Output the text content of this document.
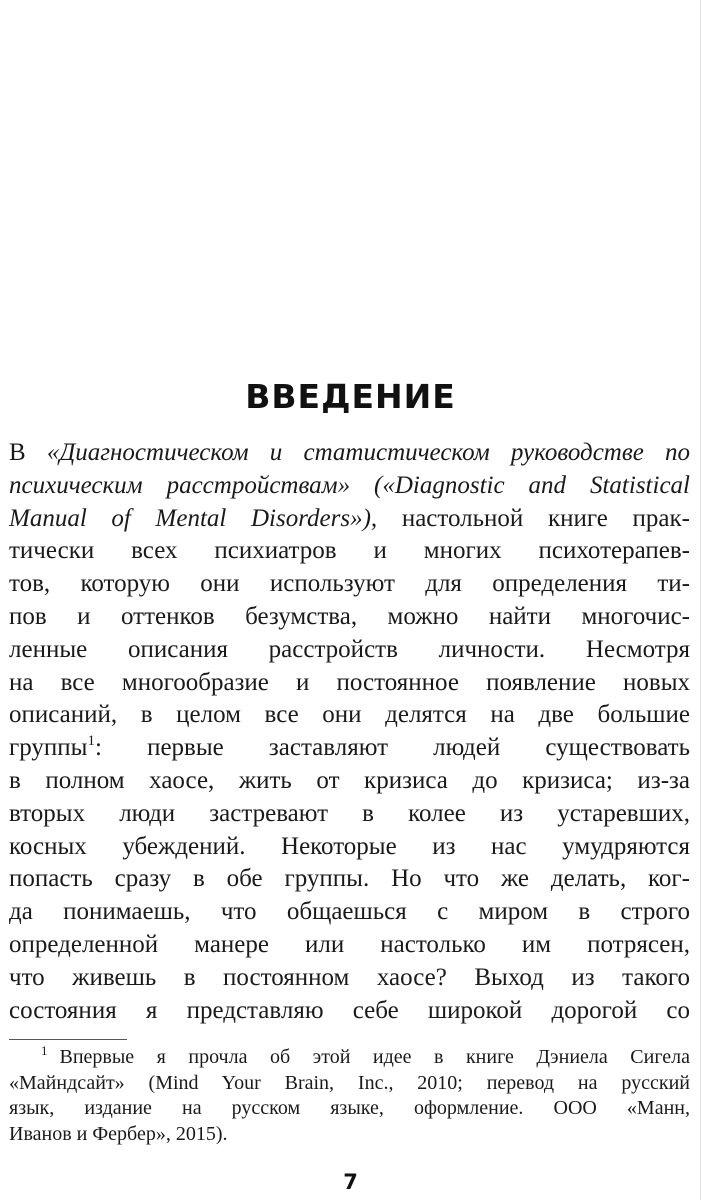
ВВЕДЕНИЕ
В «Диагностическом и статистическом руководстве по
психическим расстройствам» («Diagnostic and Statistical
Manual of Mental Disorders»), настольной книге прак-
тически всех психиатров и многих психотерапев-
тов, которую они используют для определения ти-
пов и оттенков безумства, можно найти многочис-
ленные описания расстройств личности. Несмотря
на все многообразие и постоянное появление новых
описаний, в целом все они делятся на две большие
группы$^1$: первые заставляют людей существовать
в полном хаосе, жить от кризиса до кризиса; из-за
вторых люди застревают в колее из устаревших,
косных убеждений. Некоторые из нас умудряются
попасть сразу в обе группы. Но что же делать, ког-
да понимаешь, что общаешься с миром в строго
определенной манере или настолько им потрясен,
что живешь в постоянном хаосе? Выход из такого
состояния я представляю себе широкой дорогой со
$^1$ Впервые я прочла об этой идее в книге Дэниела Сигела
«Майндсайт» (Mind Your Brain, Inc., 2010; перевод на русский
язык, издание на русском языке, оформление. ООО «Манн,
Иванов и Фербер», 2015).
7
